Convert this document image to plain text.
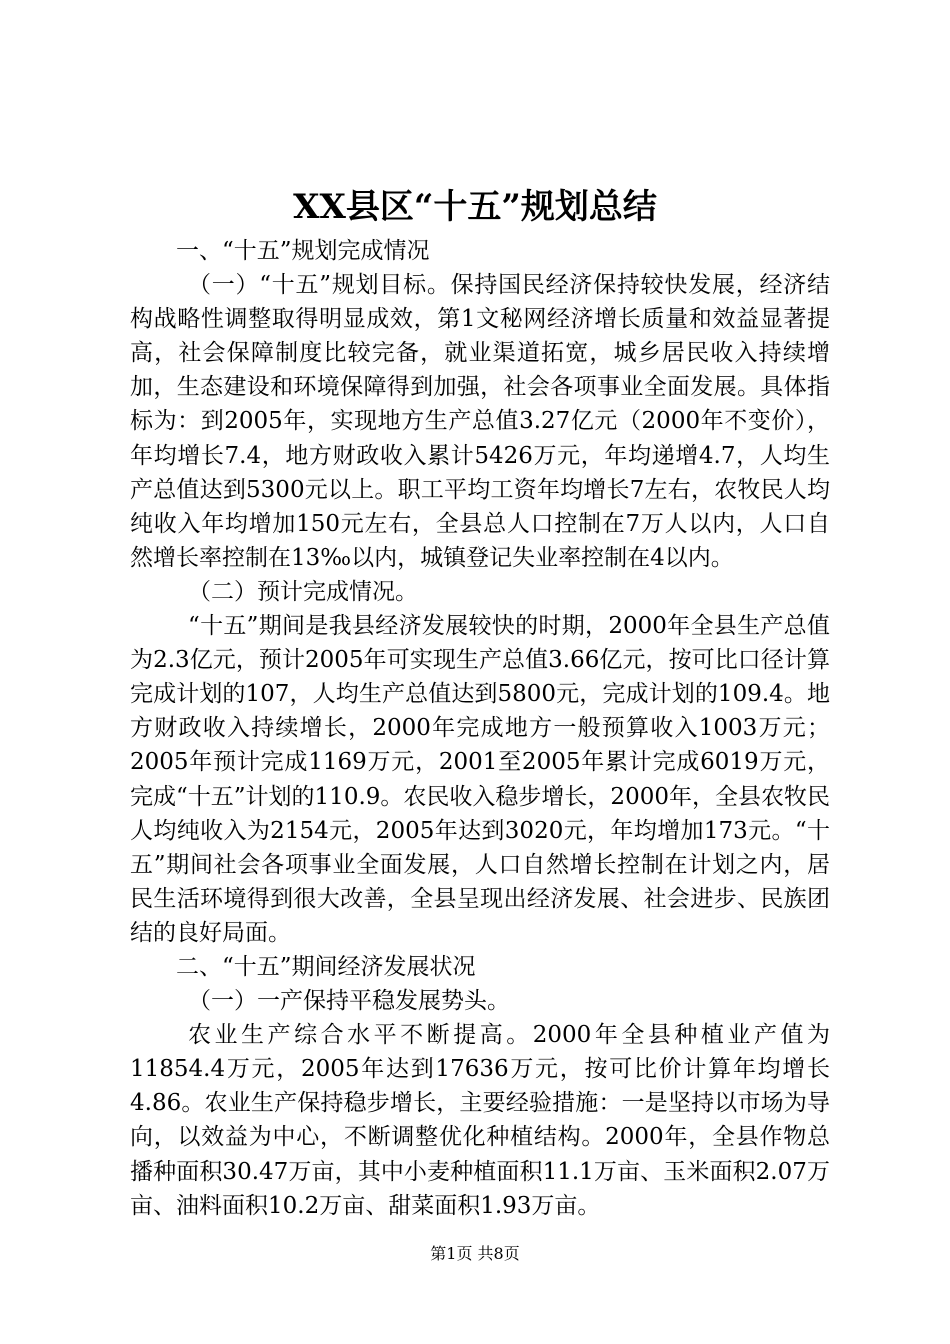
XX县区“十五”规划总结

一、“十五”规划完成情况

（一）“十五”规划目标。保持国民经济保持较快发展，经济结构战略性调整取得明显成效，第1文秘网经济增长质量和效益显著提高，社会保障制度比较完备，就业渠道拓宽，城乡居民收入持续增加，生态建设和环境保障得到加强，社会各项事业全面发展。具体指标为：到2005年，实现地方生产总值3.27亿元（2000年不变价），年均增长7.4，地方财政收入累计5426万元，年均递增4.7，人均生产总值达到5300元以上。职工平均工资年均增长7左右，农牧民人均纯收入年均增加150元左右，全县总人口控制在7万人以内，人口自然增长率控制在13‰以内，城镇登记失业率控制在4以内。

（二）预计完成情况。

“十五”期间是我县经济发展较快的时期，2000年全县生产总值为2.3亿元，预计2005年可实现生产总值3.66亿元，按可比口径计算完成计划的107，人均生产总值达到5800元，完成计划的109.4。地方财政收入持续增长，2000年完成地方一般预算收入1003万元；2005年预计完成1169万元，2001至2005年累计完成6019万元，完成“十五”计划的110.9。农民收入稳步增长，2000年，全县农牧民人均纯收入为2154元，2005年达到3020元，年均增加173元。“十五”期间社会各项事业全面发展，人口自然增长控制在计划之内，居民生活环境得到很大改善，全县呈现出经济发展、社会进步、民族团结的良好局面。

二、“十五”期间经济发展状况

（一）一产保持平稳发展势头。

农业生产综合水平不断提高。2000年全县种植业产值为11854.4万元，2005年达到17636万元，按可比价计算年均增长4.86。农业生产保持稳步增长，主要经验措施：一是坚持以市场为导向，以效益为中心，不断调整优化种植结构。2000年，全县作物总播种面积30.47万亩，其中小麦种植面积11.1万亩、玉米面积2.07万亩、油料面积10.2万亩、甜菜面积1.93万亩。

第1页 共8页
